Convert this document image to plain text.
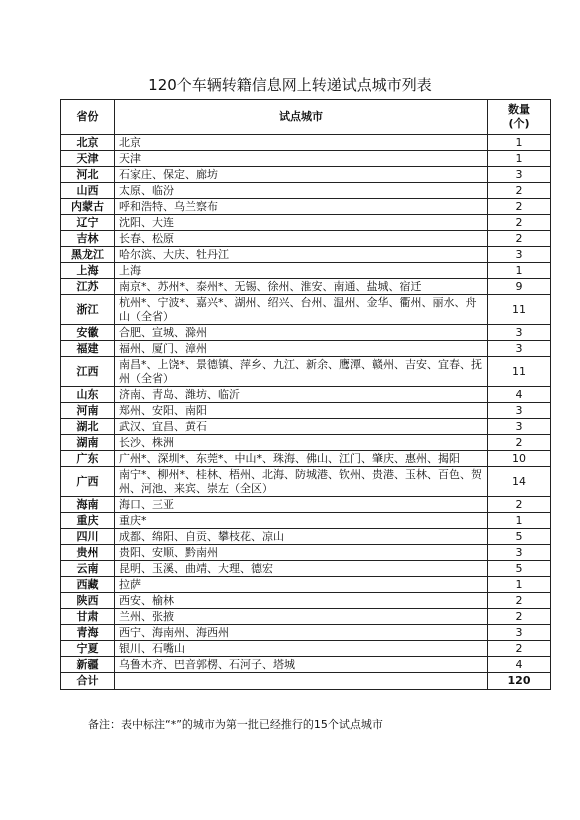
120个车辆转籍信息网上转递试点城市列表
省份	试点城市	数量
(个)

北京	北京	1
天津	天津	1
河北	石家庄、保定、廊坊	3
山西	太原、临汾	2
内蒙古	呼和浩特、乌兰察布	2
辽宁	沈阳、大连	2
吉林	长春、松原	2
黑龙江	哈尔滨、大庆、牡丹江	3
上海	上海	1
江苏	南京*、苏州*、泰州*、无锡、徐州、淮安、南通、盐城、宿迁	9
浙江	杭州*、宁波*、嘉兴*、湖州、绍兴、台州、温州、金华、衢州、丽水、舟山（全省）	11
安徽	合肥、宣城、滁州	3
福建	福州、厦门、漳州	3
江西	南昌*、上饶*、景德镇、萍乡、九江、新余、鹰潭、赣州、吉安、宜春、抚州（全省）	11
山东	济南、青岛、潍坊、临沂	4
河南	郑州、安阳、南阳	3
湖北	武汉、宜昌、黄石	3
湖南	长沙、株洲	2
广东	广州*、深圳*、东莞*、中山*、珠海、佛山、江门、肇庆、惠州、揭阳	10
广西	南宁*、柳州*、桂林、梧州、北海、防城港、钦州、贵港、玉林、百色、贺州、河池、来宾、崇左（全区）	14
海南	海口、三亚	2
重庆	重庆*	1
四川	成都、绵阳、自贡、攀枝花、凉山	5
贵州	贵阳、安顺、黔南州	3
云南	昆明、玉溪、曲靖、大理、德宏	5
西藏	拉萨	1
陕西	西安、榆林	2
甘肃	兰州、张掖	2
青海	西宁、海南州、海西州	3
宁夏	银川、石嘴山	2
新疆	乌鲁木齐、巴音郭楞、石河子、塔城	4
合计		120
备注：表中标注“*”的城市为第一批已经推行的15个试点城市
